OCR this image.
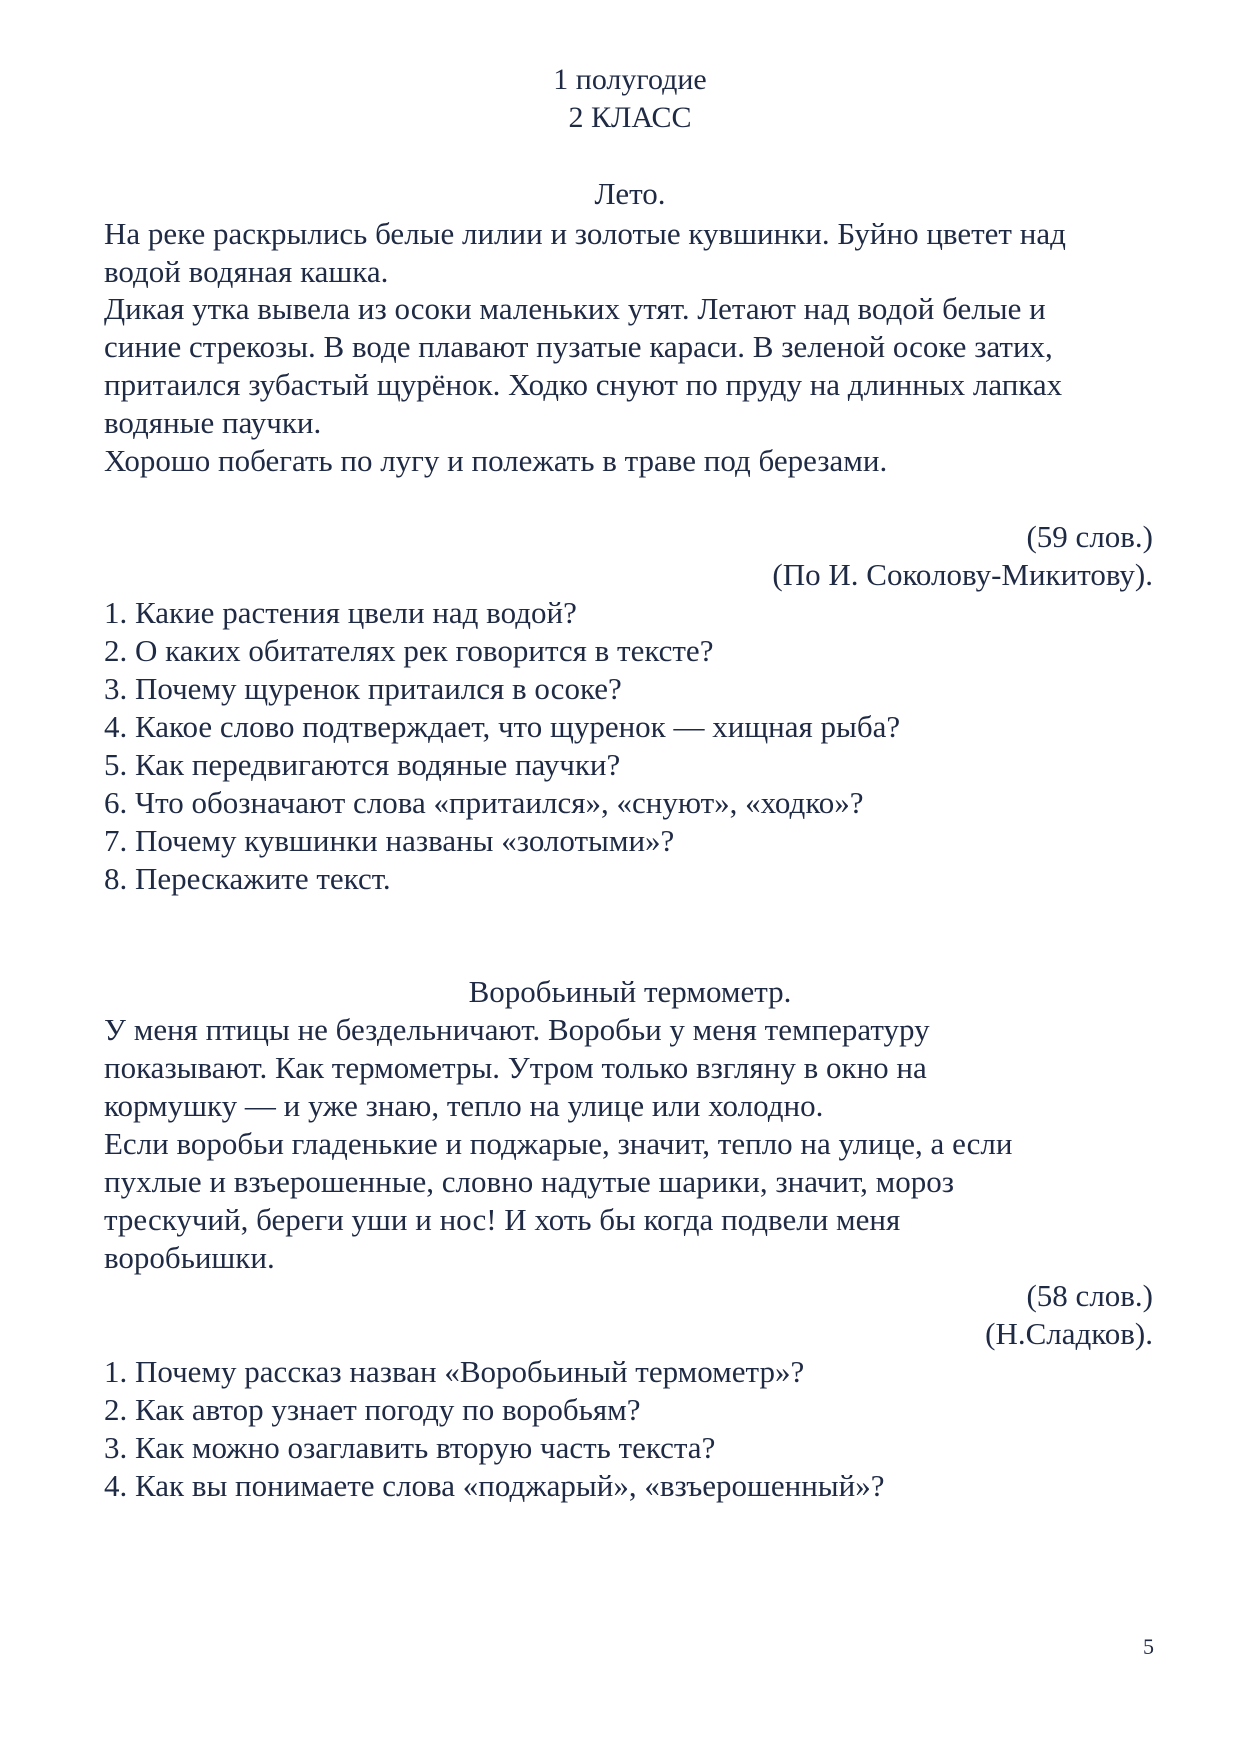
1 полугодие
2 КЛАСС
Лето.
На реке раскрылись белые лилии и золотые кувшинки. Буйно цветет над
водой водяная кашка.
Дикая утка вывела из осоки маленьких утят. Летают над водой белые и
синие стрекозы. В воде плавают пузатые караси. В зеленой осоке затих,
притаился зубастый щурёнок. Ходко снуют по пруду на длинных лапках
водяные паучки.
Хорошо побегать по лугу и полежать в траве под березами.
(59 слов.)
(По И. Соколову-Микитову).
1. Какие растения цвели над водой?
2. О каких обитателях рек говорится в тексте?
3. Почему щуренок притаился в осоке?
4. Какое слово подтверждает, что щуренок — хищная рыба?
5. Как передвигаются водяные паучки?
6. Что обозначают слова «притаился», «снуют», «ходко»?
7. Почему кувшинки названы «золотыми»?
8. Перескажите текст.
Воробьиный термометр.
У меня птицы не бездельничают. Воробьи у меня температуру
показывают. Как термометры. Утром только взгляну в окно на
кормушку — и уже знаю, тепло на улице или холодно.
Если воробьи гладенькие и поджарые, значит, тепло на улице, а если
пухлые и взъерошенные, словно надутые шарики, значит, мороз
трескучий, береги уши и нос! И хоть бы когда подвели меня
воробьишки.
(58 слов.)
(Н.Сладков).
1. Почему рассказ назван «Воробьиный термометр»?
2. Как автор узнает погоду по воробьям?
3. Как можно озаглавить вторую часть текста?
4. Как вы понимаете слова «поджарый», «взъерошенный»?
5
